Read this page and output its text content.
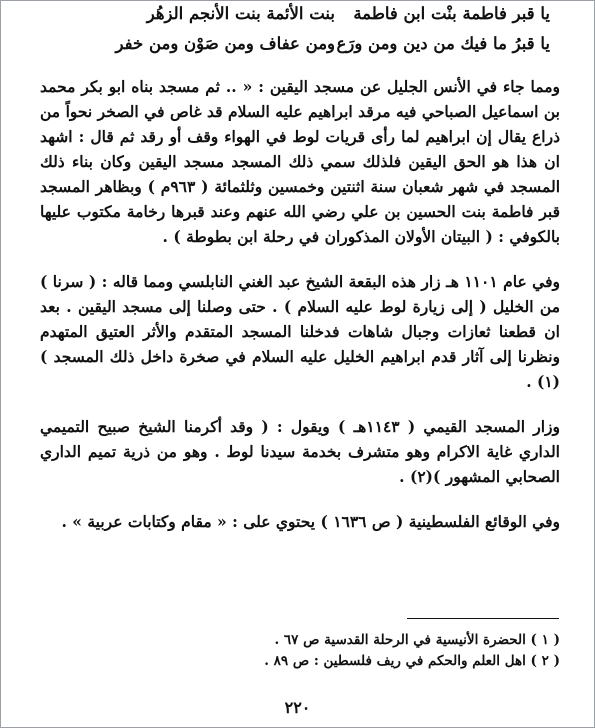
يا قبر فاطمة بنْت ابن فاطمة
بنت الأئمة بنت الأنجم الزهُر
يا قبرُ ما فيك من دين ومن ورَع
ومن عفاف ومن صَوْن ومن خفر
ومما جاء في الأنس الجليل عن مسجد اليقين : « .. ثم مسجد بناه ابو بكر محمد بن اسماعيل الصباحي فيه مرقد ابراهيم عليه السلام قد غاص في الصخر نحواً من ذراع يقال إن ابراهيم لما رأى قريات لوط في الهواء وقف أو رقد ثم قال : اشهد ان هذا هو الحق اليقين فلذلك سمي ذلك المسجد مسجد اليقين وكان بناء ذلك المسجد في شهر شعبان سنة اثنتين وخمسين وثلثمائة ( ٩٦٣م ) وبظاهر المسجد قبر فاطمة بنت الحسين بن علي رضي الله عنهم وعند قبرها رخامة مكتوب عليها بالكوفي : ( البيتان الأولان المذكوران في رحلة ابن بطوطة ) .
وفي عام ١١٠١ هـ زار هذه البقعة الشيخ عبد الغني النابلسي ومما قاله : ( سرنا ) من الخليل ( إلى زيارة لوط عليه السلام ) . حتى وصلنا إلى مسجد اليقين . بعد ان قطعنا ثعازات وجبال شاهات فدخلنا المسجد المتقدم والأثر العتيق المتهدم ونظرنا إلى آثار قدم ابراهيم الخليل عليه السلام في صخرة داخل ذلك المسجد ) (١) .
وزار المسجد القيمي ( ١١٤٣هـ ) ويقول : ( وقد أكرمنا الشيخ صبيح التميمي الداري غاية الاكرام وهو متشرف بخدمة سيدنا لوط . وهو من ذرية تميم الداري الصحابي المشهور )(٢) .
وفي الوقائع الفلسطينية ( ص ١٦٣٦ ) يحتوي على : « مقام وكتابات عربية » .
( ١ ) الحضرة الأنيسية في الرحلة القدسية ص ٦٧ .
( ٢ ) اهل العلم والحكم في ريف فلسطين : ص ٨٩ .
٢٢٠
